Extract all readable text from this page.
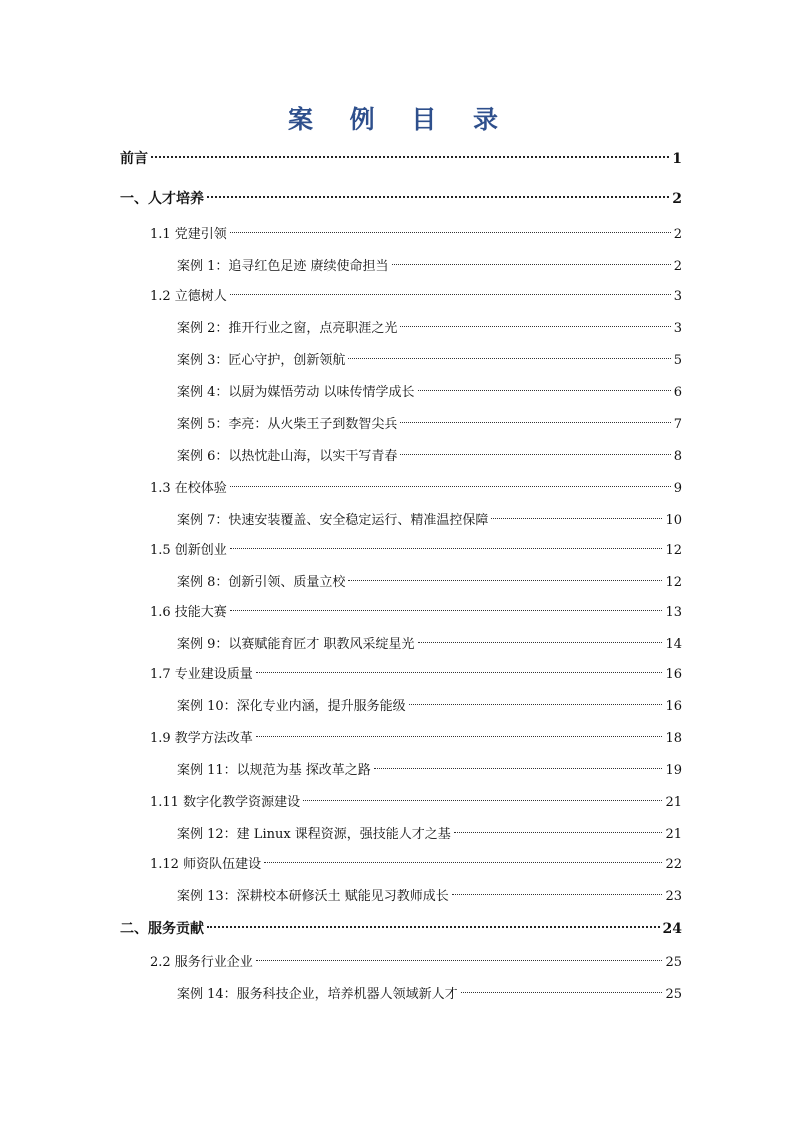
案 例 目 录
前言	1
一、人才培养	2
1.1 党建引领	2
案例 1：追寻红色足迹 赓续使命担当	2
1.2 立德树人	3
案例 2：推开行业之窗，点亮职涯之光	3
案例 3：匠心守护，创新领航	5
案例 4：以厨为媒悟劳动 以味传情学成长	6
案例 5：李亮：从火柴王子到数智尖兵	7
案例 6：以热忱赴山海，以实干写青春	8
1.3 在校体验	9
案例 7：快速安装覆盖、安全稳定运行、精准温控保障	10
1.5 创新创业	12
案例 8：创新引领、质量立校	12
1.6 技能大赛	13
案例 9：以赛赋能育匠才 职教风采绽星光	14
1.7 专业建设质量	16
案例 10：深化专业内涵，提升服务能级	16
1.9 教学方法改革	18
案例 11：以规范为基 探改革之路	19
1.11 数字化教学资源建设	21
案例 12：建 Linux 课程资源，强技能人才之基	21
1.12 师资队伍建设	22
案例 13：深耕校本研修沃土 赋能见习教师成长	23
二、服务贡献	24
2.2 服务行业企业	25
案例 14：服务科技企业，培养机器人领域新人才	25
